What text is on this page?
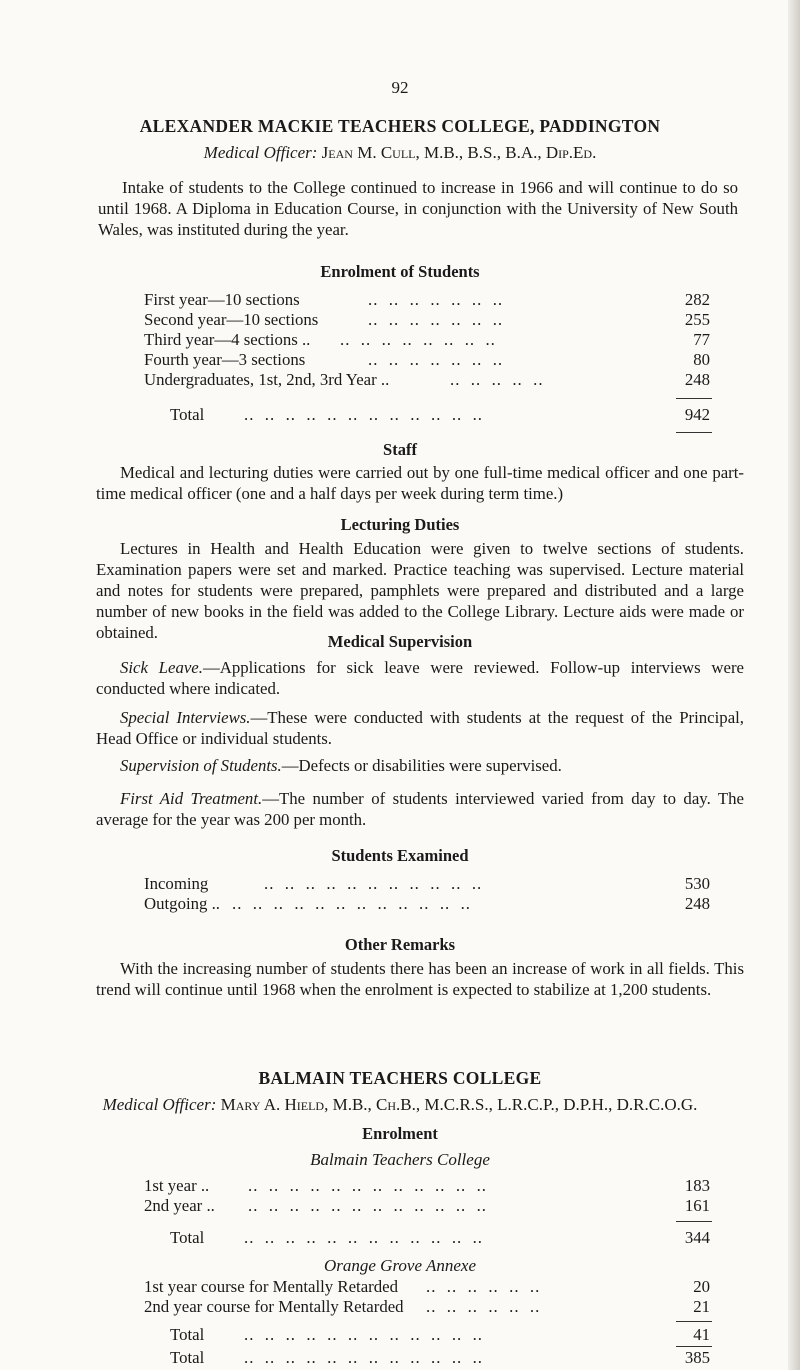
92
ALEXANDER MACKIE TEACHERS COLLEGE, PADDINGTON
Medical Officer: Jean M. Cull, M.B., B.S., B.A., Dip.Ed.
Intake of students to the College continued to increase in 1966 and will continue to do so until 1968. A Diploma in Education Course, in conjunction with the University of New South Wales, was instituted during the year.
Enrolment of Students
First year—10 sections	..  ..  ..  ..  ..  ..  ..	282
Second year—10 sections	..  ..  ..  ..  ..  ..  ..	255
Third year—4 sections .. ..  ..  ..  ..  ..  ..  ..  ..	77
Fourth year—3 sections	..  ..  ..  ..  ..  ..  ..	80
Undergraduates, 1st, 2nd, 3rd Year ..	..  ..  ..  ..  ..	248
Total ..  ..  ..  ..  ..  ..  ..  ..  ..  ..  ..  ..	942
Staff
Medical and lecturing duties were carried out by one full-time medical officer and one part-time medical officer (one and a half days per week during term time.)
Lecturing Duties
Lectures in Health and Health Education were given to twelve sections of students. Examination papers were set and marked. Practice teaching was supervised. Lecture material and notes for students were prepared, pamphlets were prepared and distributed and a large number of new books in the field was added to the College Library. Lecture aids were made or obtained.	Medical Supervision
Sick Leave.—Applications for sick leave were reviewed. Follow-up interviews were conducted where indicated.
Special Interviews.—These were conducted with students at the request of the Principal, Head Office or individual students.
Supervision of Students.—Defects or disabilities were supervised.
First Aid Treatment.—The number of students interviewed varied from day to day. The average for the year was 200 per month.
Students Examined
Incoming	..  ..  ..  ..  ..  ..  ..  ..  ..  ..  ..	530
Outgoing .. ..  ..  ..  ..  ..  ..  ..  ..  ..  ..  ..  ..	248
Other Remarks
With the increasing number of students there has been an increase of work in all fields. This trend will continue until 1968 when the enrolment is expected to stabilize at 1,200 students.
BALMAIN TEACHERS COLLEGE
Medical Officer: Mary A. Hield, M.B., Ch.B., M.C.R.S., L.R.C.P., D.P.H., D.R.C.O.G.
Enrolment
Balmain Teachers College
1st year .. ..  ..  ..  ..  ..  ..  ..  ..  ..  ..  ..  ..	183
2nd year .. ..  ..  ..  ..  ..  ..  ..  ..  ..  ..  ..  ..	161
Total ..  ..  ..  ..  ..  ..  ..  ..  ..  ..  ..  ..	344
Orange Grove Annexe
1st year course for Mentally Retarded ..  ..  ..  ..  ..  ..	20
2nd year course for Mentally Retarded ..  ..  ..  ..  ..  ..	21
Total ..  ..  ..  ..  ..  ..  ..  ..  ..  ..  ..  ..	41
Total ..  ..  ..  ..  ..  ..  ..  ..  ..  ..  ..  ..	385
